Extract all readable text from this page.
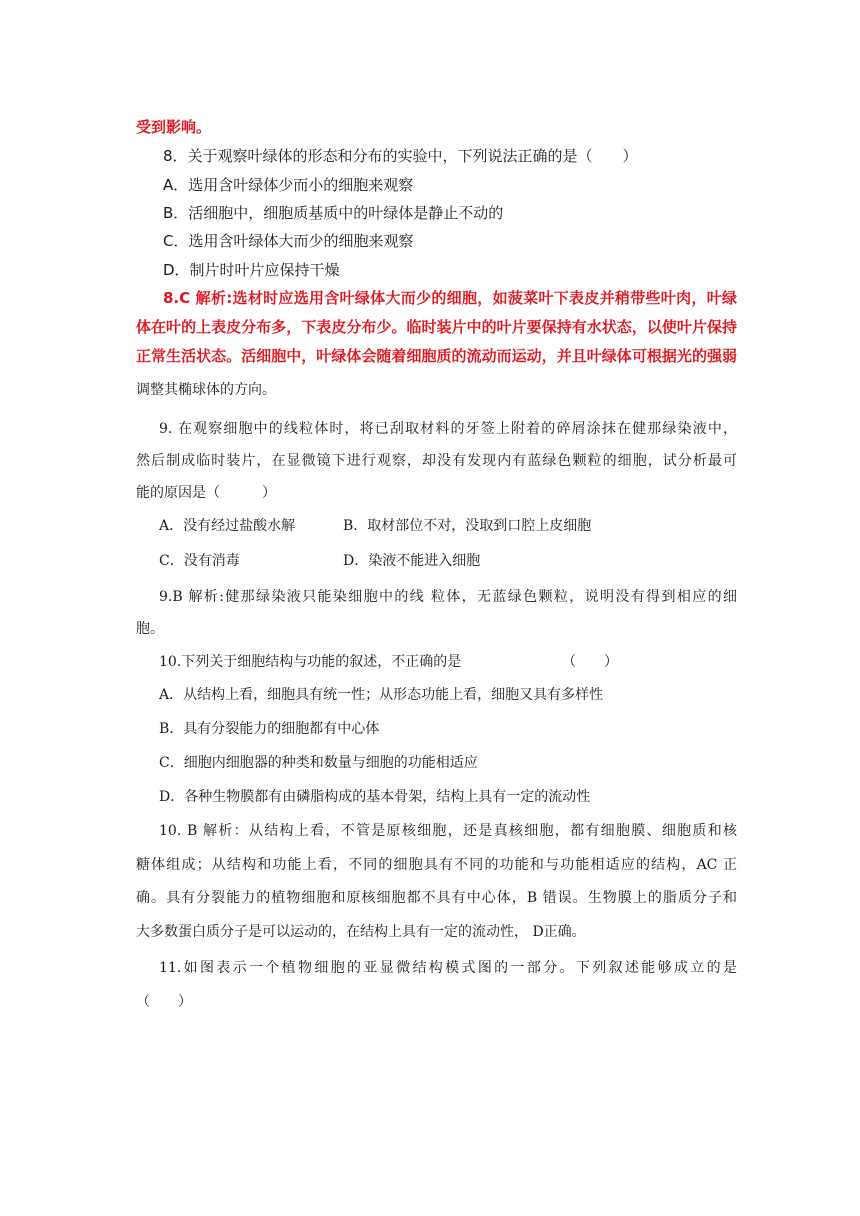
受到影响。
8．关于观察叶绿体的形态和分布的实验中，下列说法正确的是（　　）
A．选用含叶绿体少而小的细胞来观察
B．活细胞中，细胞质基质中的叶绿体是静止不动的
C．选用含叶绿体大而少的细胞来观察
D．制片时叶片应保持干燥
8.C 解析:选材时应选用含叶绿体大而少的细胞，如菠菜叶下表皮并稍带些叶肉，叶绿
体在叶的上表皮分布多，下表皮分布少。临时装片中的叶片要保持有水状态，以使叶片保持
正常生活状态。活细胞中，叶绿体会随着细胞质的流动而运动，并且叶绿体可根据光的强弱
调整其椭球体的方向。
9. 在观察细胞中的线粒体时，将已刮取材料的牙签上附着的碎屑涂抹在健那绿染液中，
然后制成临时装片，在显微镜下进行观察，却没有发现内有蓝绿色颗粒的细胞，试分析最可
能的原因是（　　　）
A．没有经过盐酸水解	B．取材部位不对，没取到口腔上皮细胞
C．没有消毒	D．染液不能进入细胞
9.B 解析:健那绿染液只能染细胞中的线 粒体，无蓝绿色颗粒，说明没有得到相应的细
胞。
10.下列关于细胞结构与功能的叙述，不正确的是	（　　）
A．从结构上看，细胞具有统一性；从形态功能上看，细胞又具有多样性
B．具有分裂能力的细胞都有中心体
C．细胞内细胞器的种类和数量与细胞的功能相适应
D．各种生物膜都有由磷脂构成的基本骨架，结构上具有一定的流动性
10. B 解析：从结构上看，不管是原核细胞，还是真核细胞，都有细胞膜、细胞质和核
糖体组成；从结构和功能上看，不同的细胞具有不同的功能和与功能相适应的结构，AC 正
确。具有分裂能力的植物细胞和原核细胞都不具有中心体，B 错误。生物膜上的脂质分子和
大多数蛋白质分子是可以运动的，在结构上具有一定的流动性， D正确。
11.如图表示一个植物细胞的亚显微结构模式图的一部分。下列叙述能够成立的是
（　　）
